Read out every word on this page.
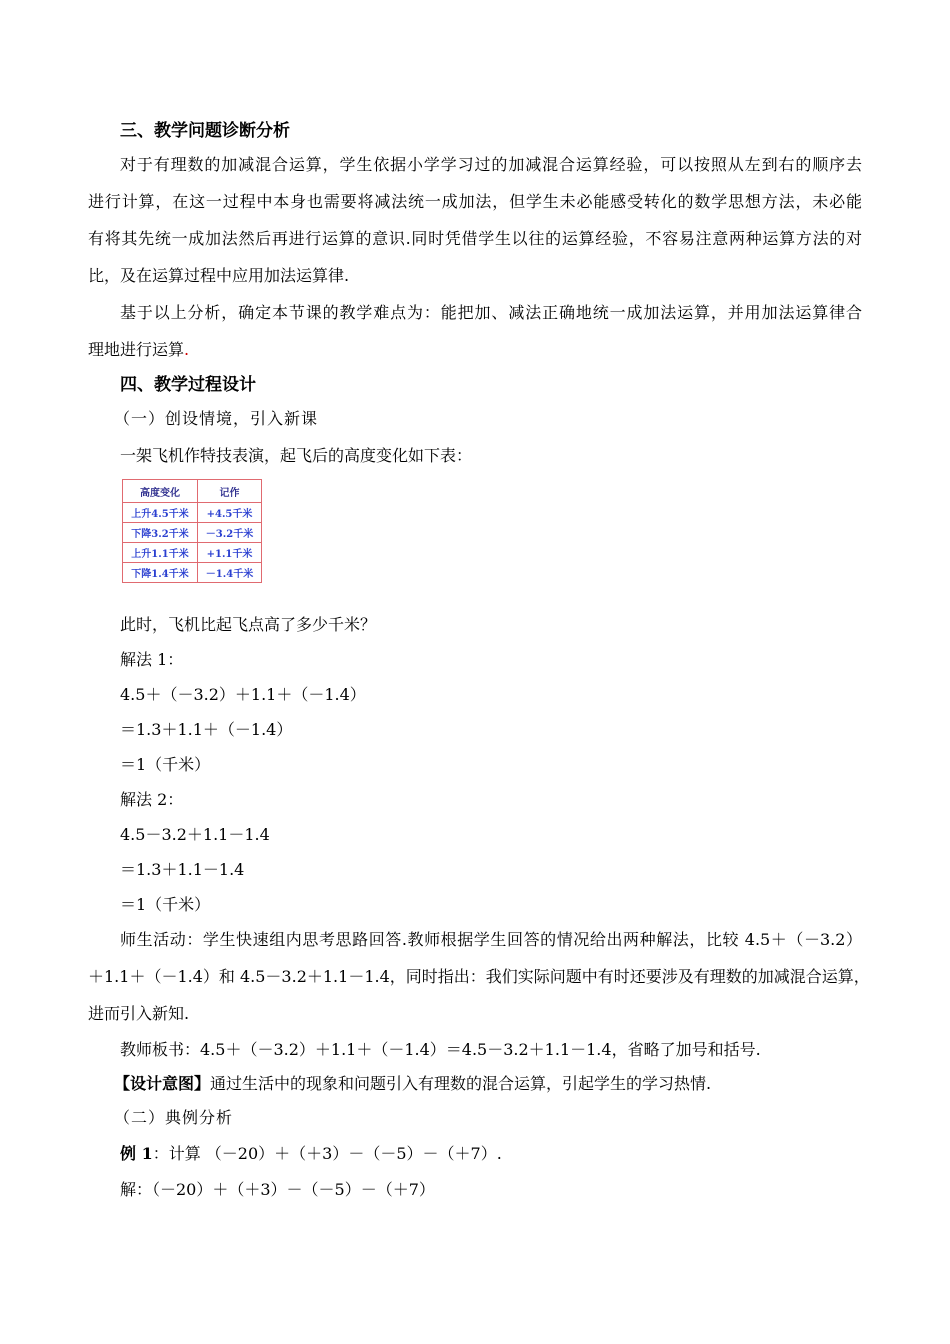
三、教学问题诊断分析
对于有理数的加减混合运算，学生依据小学学习过的加减混合运算经验，可以按照从左到右的顺序去
进行计算，在这一过程中本身也需要将减法统一成加法，但学生未必能感受转化的数学思想方法，未必能
有将其先统一成加法然后再进行运算的意识.同时凭借学生以往的运算经验，不容易注意两种运算方法的对
比，及在运算过程中应用加法运算律.
基于以上分析，确定本节课的教学难点为：能把加、减法正确地统一成加法运算，并用加法运算律合
理地进行运算.
四、教学过程设计
（一）创设情境，引入新课
一架飞机作特技表演，起飞后的高度变化如下表：
高度变化	记作
上升4.5千米	+4.5千米
下降3.2千米	－3.2千米
上升1.1千米	+1.1千米
下降1.4千米	－1.4千米
此时，飞机比起飞点高了多少千米？
解法 1：
4.5＋（－3.2）＋1.1＋（－1.4）
＝1.3＋1.1＋（－1.4）
＝1（千米）
解法 2：
4.5－3.2＋1.1－1.4
＝1.3＋1.1－1.4
＝1（千米）
师生活动：学生快速组内思考思路回答.教师根据学生回答的情况给出两种解法，比较 4.5＋（－3.2）
＋1.1＋（－1.4）和 4.5－3.2＋1.1－1.4，同时指出：我们实际问题中有时还要涉及有理数的加减混合运算，
进而引入新知.
教师板书：4.5＋（－3.2）＋1.1＋（－1.4）＝4.5－3.2＋1.1－1.4，省略了加号和括号.
【设计意图】通过生活中的现象和问题引入有理数的混合运算，引起学生的学习热情.
（二）典例分析
例 1：计算 （－20）＋（＋3）－（－5）－（＋7）.
解：（－20）＋（＋3）－（－5）－（＋7）
